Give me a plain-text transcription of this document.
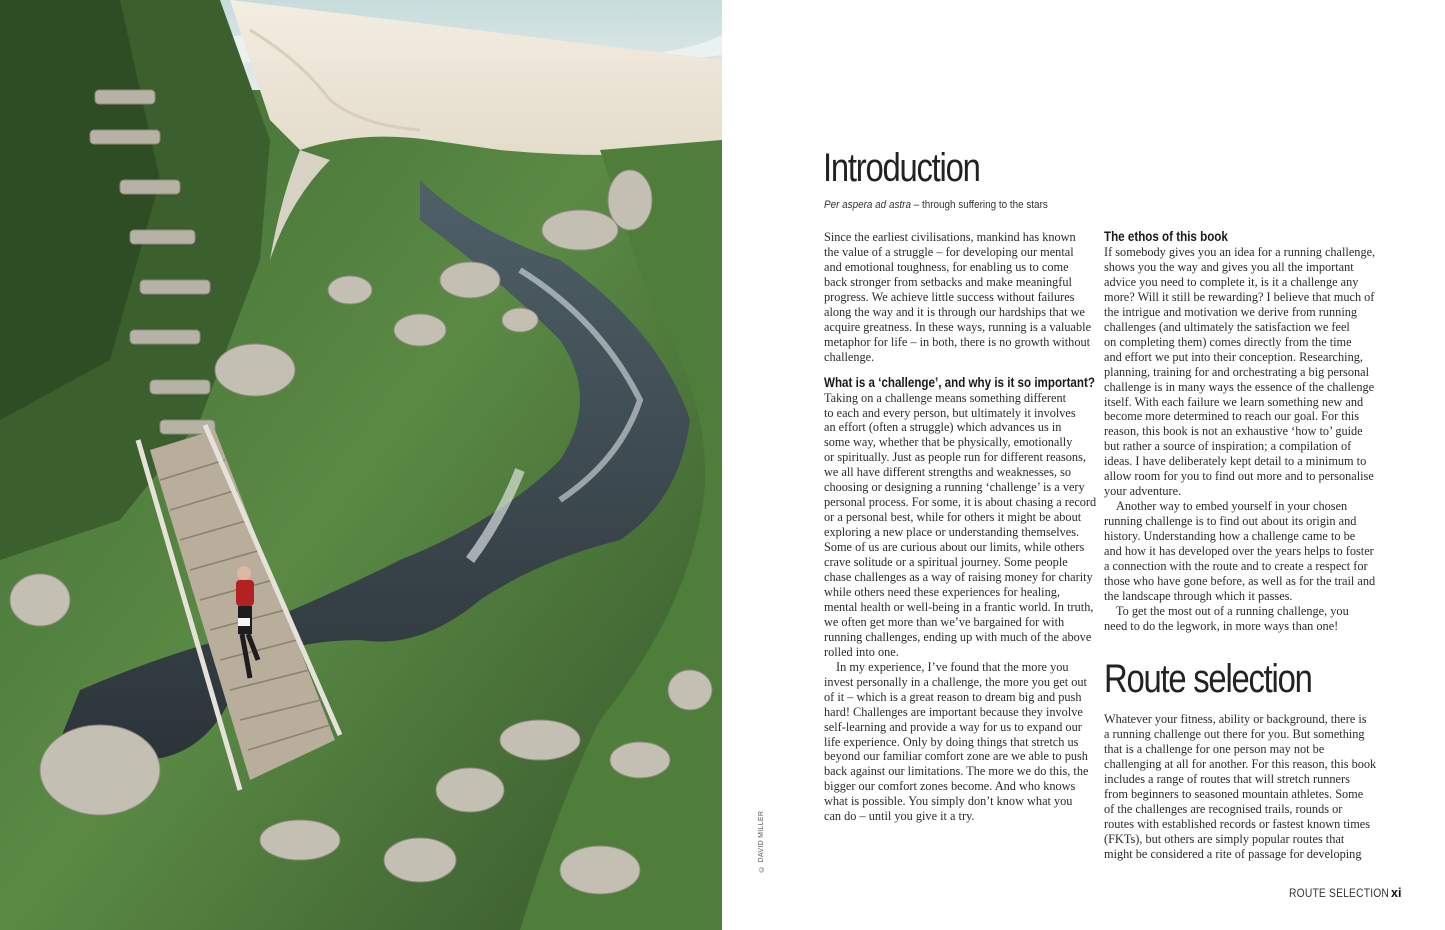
© DAVID MILLER
Introduction
Per aspera ad astra – through suffering to the stars

Since the earliest civilisations, mankind has known
the value of a struggle – for developing our mental
and emotional toughness, for enabling us to come
back stronger from setbacks and make meaningful
progress. We achieve little success without failures
along the way and it is through our hardships that we
acquire greatness. In these ways, running is a valuable
metaphor for life – in both, there is no growth without
challenge.

What is a ‘challenge’, and why is it so important?

Taking on a challenge means something different
to each and every person, but ultimately it involves
an effort (often a struggle) which advances us in
some way, whether that be physically, emotionally
or spiritually. Just as people run for different reasons,
we all have different strengths and weaknesses, so
choosing or designing a running ‘challenge’ is a very
personal process. For some, it is about chasing a record
or a personal best, while for others it might be about
exploring a new place or understanding themselves.
Some of us are curious about our limits, while others
crave solitude or a spiritual journey. Some people
chase challenges as a way of raising money for charity
while others need these experiences for healing,
mental health or well-being in a frantic world. In truth,
we often get more than we’ve bargained for with
running challenges, ending up with much of the above
rolled into one.

In my experience, I’ve found that the more you
invest personally in a challenge, the more you get out
of it – which is a great reason to dream big and push
hard! Challenges are important because they involve
self-learning and provide a way for us to expand our
life experience. Only by doing things that stretch us
beyond our familiar comfort zone are we able to push
back against our limitations. The more we do this, the
bigger our comfort zones become. And who knows
what is possible. You simply don’t know what you
can do – until you give it a try.

The ethos of this book

If somebody gives you an idea for a running challenge,
shows you the way and gives you all the important
advice you need to complete it, is it a challenge any
more? Will it still be rewarding? I believe that much of
the intrigue and motivation we derive from running
challenges (and ultimately the satisfaction we feel
on completing them) comes directly from the time
and effort we put into their conception. Researching,
planning, training for and orchestrating a big personal
challenge is in many ways the essence of the challenge
itself. With each failure we learn something new and
become more determined to reach our goal. For this
reason, this book is not an exhaustive ‘how to’ guide
but rather a source of inspiration; a compilation of
ideas. I have deliberately kept detail to a minimum to
allow room for you to find out more and to personalise
your adventure.

Another way to embed yourself in your chosen
running challenge is to find out about its origin and
history. Understanding how a challenge came to be
and how it has developed over the years helps to foster
a connection with the route and to create a respect for
those who have gone before, as well as for the trail and
the landscape through which it passes.

To get the most out of a running challenge, you
need to do the legwork, in more ways than one!

Route selection

Whatever your fitness, ability or background, there is
a running challenge out there for you. But something
that is a challenge for one person may not be
challenging at all for another. For this reason, this book
includes a range of routes that will stretch runners
from beginners to seasoned mountain athletes. Some
of the challenges are recognised trails, rounds or
routes with established records or fastest known times
(FKTs), but others are simply popular routes that
might be considered a rite of passage for developing

ROUTE SELECTION xi
